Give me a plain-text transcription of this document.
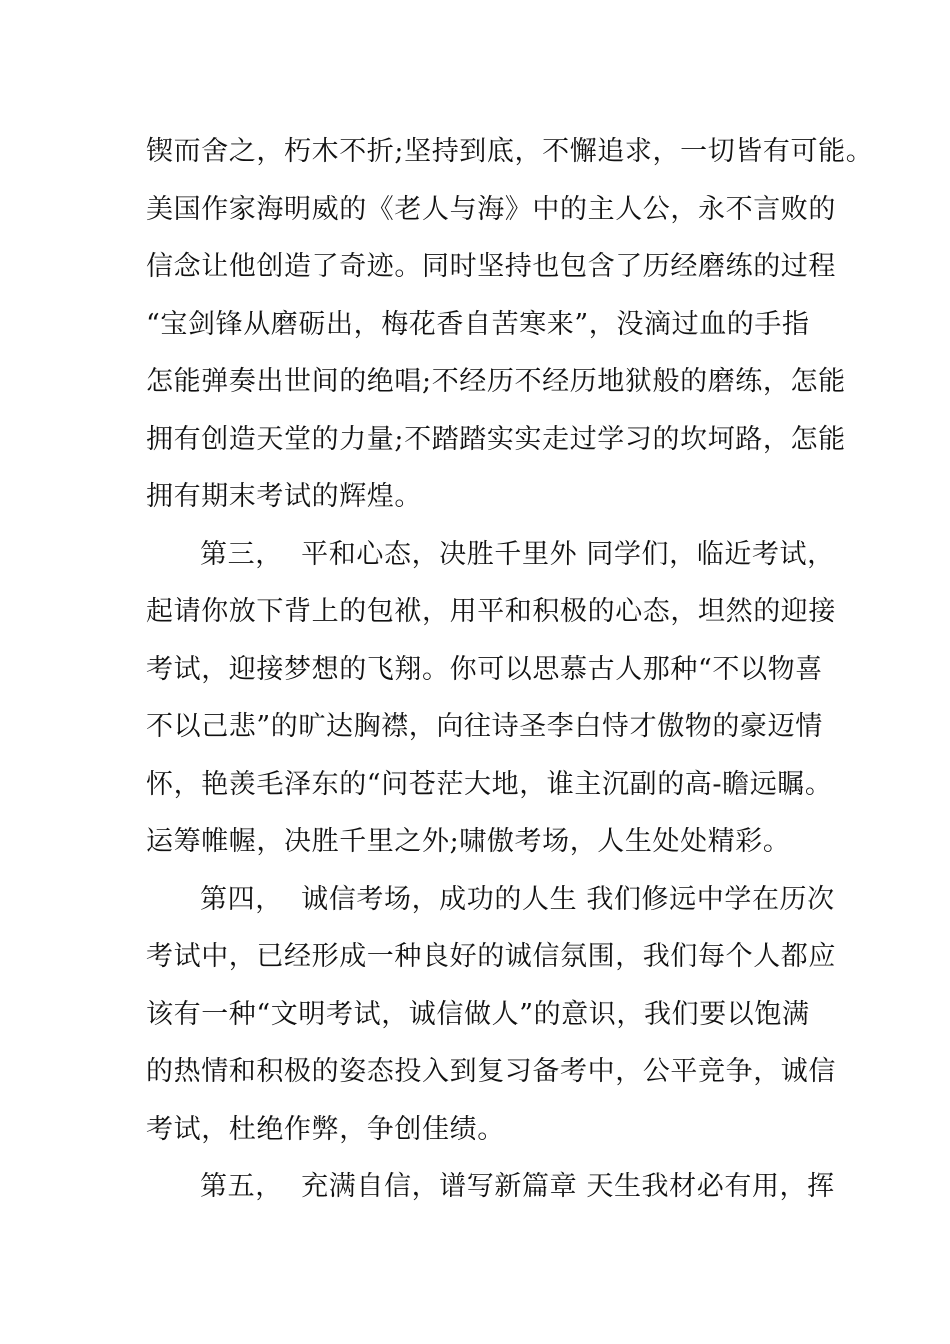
锲而舍之，朽木不折;坚持到底，不懈追求，一切皆有可能。
美国作家海明威的《老人与海》中的主人公，永不言败的
信念让他创造了奇迹。同时坚持也包含了历经磨练的过程
“宝剑锋从磨砺出，梅花香自苦寒来”，没滴过血的手指
怎能弹奏出世间的绝唱;不经历不经历地狱般的磨练，怎能
拥有创造天堂的力量;不踏踏实实走过学习的坎坷路，怎能
拥有期末考试的辉煌。
第三，  平和心态，决胜千里外 同学们，临近考试，
起请你放下背上的包袱，用平和积极的心态，坦然的迎接
考试，迎接梦想的飞翔。你可以思慕古人那种“不以物喜
不以己悲”的旷达胸襟，向往诗圣李白恃才傲物的豪迈情
怀，艳羡毛泽东的“问苍茫大地，谁主沉副的高-瞻远瞩。
运筹帷幄，决胜千里之外;啸傲考场，人生处处精彩。
第四，  诚信考场，成功的人生 我们修远中学在历次
考试中，已经形成一种良好的诚信氛围，我们每个人都应
该有一种“文明考试，诚信做人”的意识，我们要以饱满
的热情和积极的姿态投入到复习备考中，公平竞争，诚信
考试，杜绝作弊，争创佳绩。
第五，  充满自信，谱写新篇章 天生我材必有用，挥
